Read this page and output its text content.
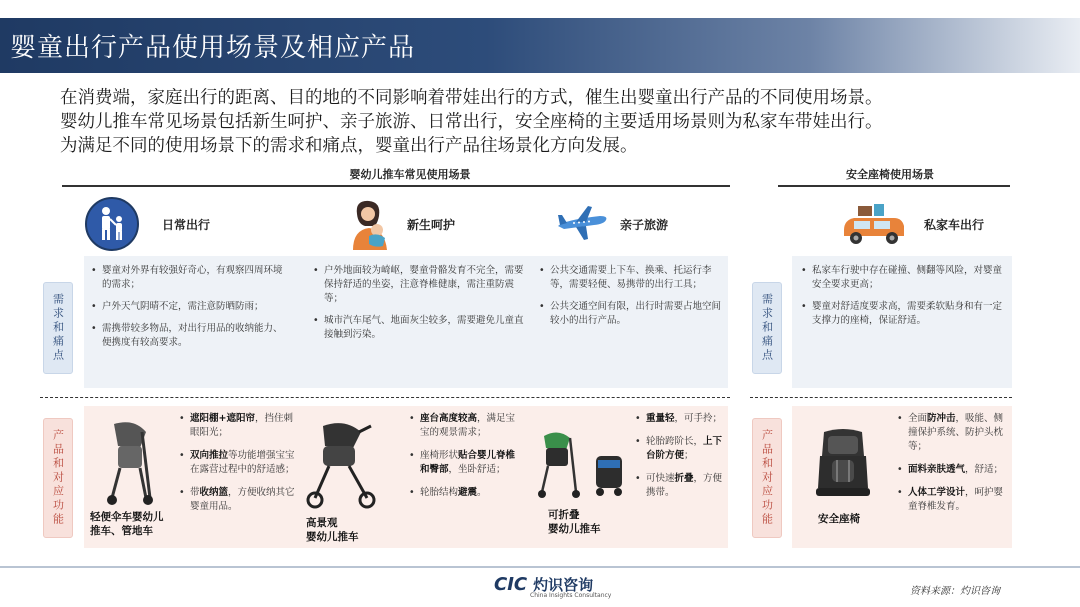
婴童出行产品使用场景及相应产品

在消费端，家庭出行的距离、目的地的不同影响着带娃出行的方式，催生出婴童出行产品的不同使用场景。

婴幼儿推车常见场景包括新生呵护、亲子旅游、日常出行，安全座椅的主要适用场景则为私家车带娃出行。

为满足不同的使用场景下的需求和痛点，婴童出行产品往场景化方向发展。

婴幼儿推车常见使用场景	安全座椅使用场景
日常出行	新生呵护	亲子旅游	私家车出行
需求和痛点
产品和对应功能
需求和痛点
产品和对应功能
• 婴童对外界有较强好奇心，有观察四周环境的需求；
• 户外天气阴晴不定，需注意防晒防雨；
• 需携带较多物品，对出行用品的收纳能力、便携度有较高要求。
• 户外地面较为崎岖，婴童骨骼发育不完全，需要保持舒适的坐姿，注意脊椎健康，需注重防震等；
• 城市汽车尾气、地面灰尘较多，需要避免儿童直接触到污染。
• 公共交通需要上下车、换乘、托运行李等，需要轻便、易携带的出行工具；
• 公共交通空间有限，出行时需要占地空间较小的出行产品。
• 私家车行驶中存在碰撞、侧翻等风险，对婴童安全要求更高；
• 婴童对舒适度要求高，需要柔软贴身和有一定支撑力的座椅，保证舒适。
轻便伞车婴幼儿
推车、管地车
• 遮阳棚+遮阳帘，挡住刺眼阳光；
• 双向推拉等功能增强宝宝在露营过程中的舒适感；
• 带收纳篮，方便收纳其它婴童用品。
高景观
婴幼儿推车
• 座台高度较高，满足宝宝的观景需求；
• 座椅形状贴合婴儿脊椎和臀部，坐卧舒适；
• 轮胎结构避震。
可折叠
婴幼儿推车
• 重量轻，可手拎；
• 轮胎跨阶长，上下台阶方便；
• 可快速折叠，方便携带。
安全座椅
• 全面防冲击，吸能、侧撞保护系统、防护头枕等；
• 面料亲肤透气，舒适；
• 人体工学设计，呵护婴童脊椎发育。
CIC 灼识咨询
China Insights Consultancy	资料来源：灼识咨询
